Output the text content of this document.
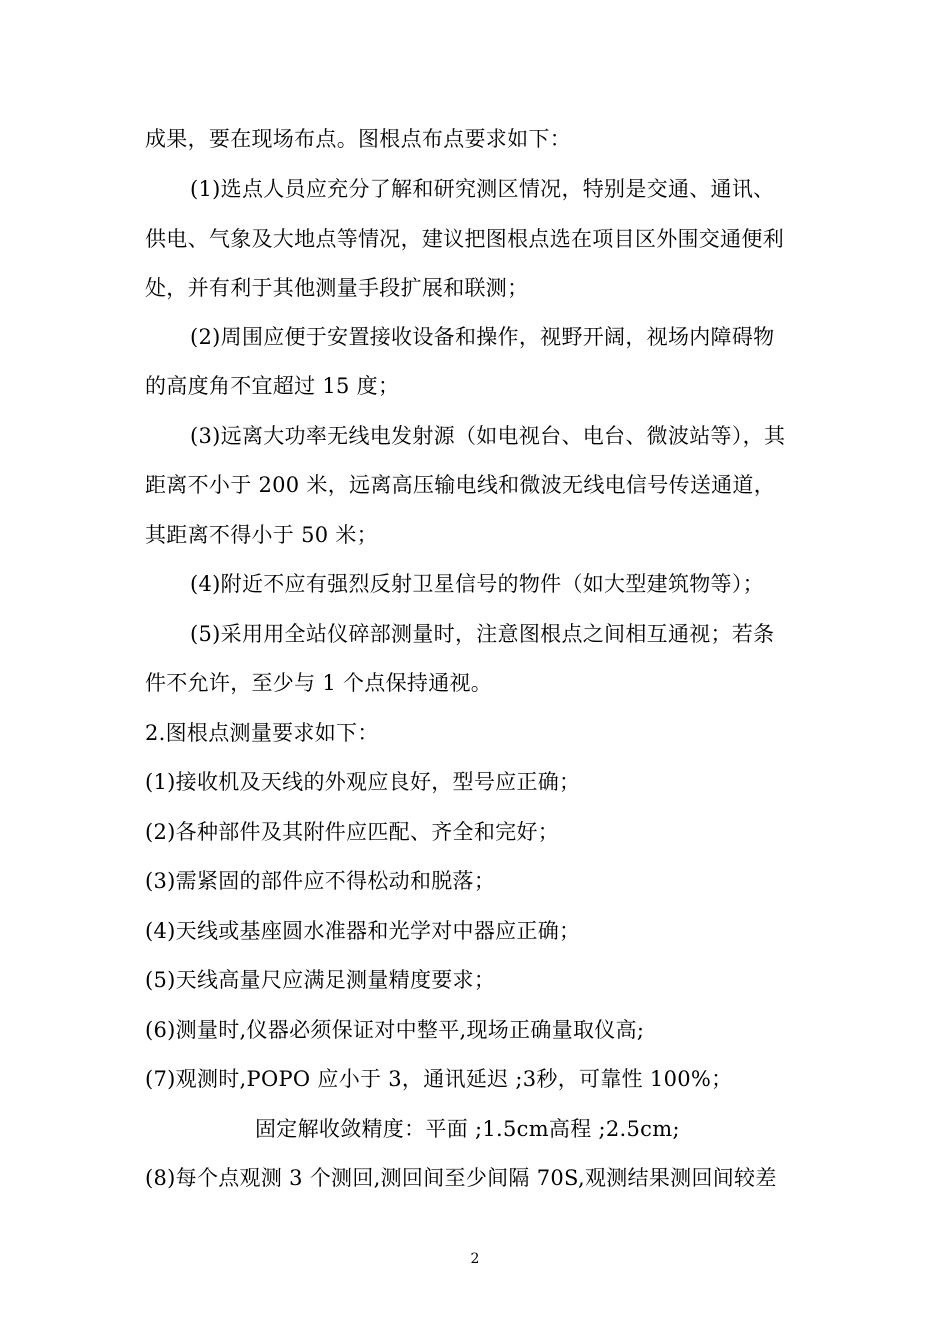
成果，要在现场布点。图根点布点要求如下：
(1)选点人员应充分了解和研究测区情况，特别是交通、通讯、
供电、气象及大地点等情况，建议把图根点选在项目区外围交通便利
处，并有利于其他测量手段扩展和联测；
(2)周围应便于安置接收设备和操作，视野开阔，视场内障碍物
的高度角不宜超过 15 度；
(3)远离大功率无线电发射源（如电视台、电台、微波站等），其
距离不小于 200 米，远离高压输电线和微波无线电信号传送通道，
其距离不得小于 50 米；
(4)附近不应有强烈反射卫星信号的物件（如大型建筑物等）；
(5)采用用全站仪碎部测量时，注意图根点之间相互通视；若条
件不允许，至少与 1 个点保持通视。
2.图根点测量要求如下：
(1)接收机及天线的外观应良好，型号应正确；
(2)各种部件及其附件应匹配、齐全和完好；
(3)需紧固的部件应不得松动和脱落；
(4)天线或基座圆水准器和光学对中器应正确；
(5)天线高量尺应满足测量精度要求；
(6)测量时,仪器必须保证对中整平,现场正确量取仪高;
(7)观测时,POPO 应小于 3，通讯延迟 ;3秒，可靠性 100%；
固定解收敛精度：平面 ;1.5cm高程 ;2.5cm;
(8)每个点观测 3 个测回,测回间至少间隔 70S,观测结果测回间较差
2
